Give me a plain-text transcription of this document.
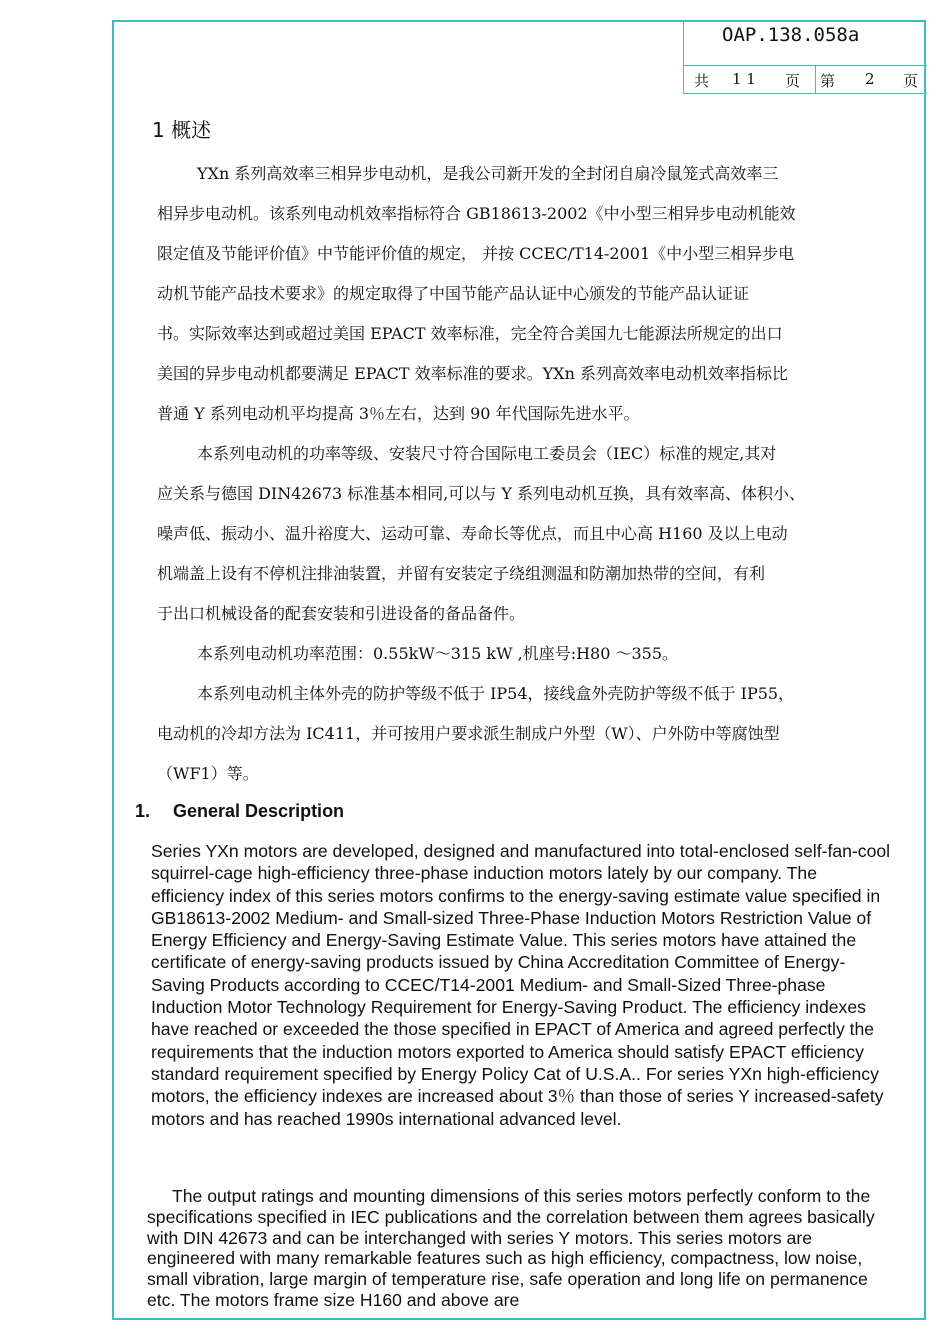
OAP.138.058a
共 1 1 页 第 2 页
1 概述

YXn 系列高效率三相异步电动机，是我公司新开发的全封闭自扇冷鼠笼式高效率三

相异步电动机。该系列电动机效率指标符合 GB18613-2002《中小型三相异步电动机能效

限定值及节能评价值》中节能评价值的规定， 并按 CCEC/T14-2001《中小型三相异步电

动机节能产品技术要求》的规定取得了中国节能产品认证中心颁发的节能产品认证证

书。实际效率达到或超过美国 EPACT 效率标准，完全符合美国九七能源法所规定的出口

美国的异步电动机都要满足 EPACT 效率标准的要求。YXn 系列高效率电动机效率指标比

普通 Y 系列电动机平均提高 3％左右，达到 90 年代国际先进水平。

本系列电动机的功率等级、安装尺寸符合国际电工委员会（IEC）标准的规定,其对

应关系与德国 DIN42673 标准基本相同,可以与 Y 系列电动机互换，具有效率高、体积小、

噪声低、振动小、温升裕度大、运动可靠、寿命长等优点，而且中心高 H160 及以上电动

机端盖上设有不停机注排油装置，并留有安装定子绕组测温和防潮加热带的空间，有利

于出口机械设备的配套安装和引进设备的备品备件。

本系列电动机功率范围：0.55kW～315 kW ,机座号:H80 ～355。

本系列电动机主体外壳的防护等级不低于 IP54，接线盒外壳防护等级不低于 IP55，

电动机的冷却方法为 IC411，并可按用户要求派生制成户外型（W）、户外防中等腐蚀型

（WF1）等。

1. General Description

Series YXn motors are developed, designed and manufactured into total-enclosed self-fan-cool squirrel-cage high-efficiency three-phase induction motors lately by our company. The efficiency index of this series motors confirms to the energy-saving estimate value specified in GB18613-2002 Medium- and Small-sized Three-Phase Induction Motors Restriction Value of Energy Efficiency and Energy-Saving Estimate Value. This series motors have attained the certificate of energy-saving products issued by China Accreditation Committee of Energy-Saving Products according to CCEC/T14-2001 Medium- and Small-Sized Three-phase Induction Motor Technology Requirement for Energy-Saving Product. The efficiency indexes have reached or exceeded the those specified in EPACT of America and agreed perfectly the requirements that the induction motors exported to America should satisfy EPACT efficiency standard requirement specified by Energy Policy Cat of U.S.A.. For series YXn high-efficiency motors, the efficiency indexes are increased about 3％ than those of series Y increased-safety motors and has reached 1990s international advanced level.

The output ratings and mounting dimensions of this series motors perfectly conform to the specifications specified in IEC publications and the correlation between them agrees basically with DIN 42673 and can be interchanged with series Y motors. This series motors are engineered with many remarkable features such as high efficiency, compactness, low noise, small vibration, large margin of temperature rise, safe operation and long life on permanence etc. The motors frame size H160 and above are
